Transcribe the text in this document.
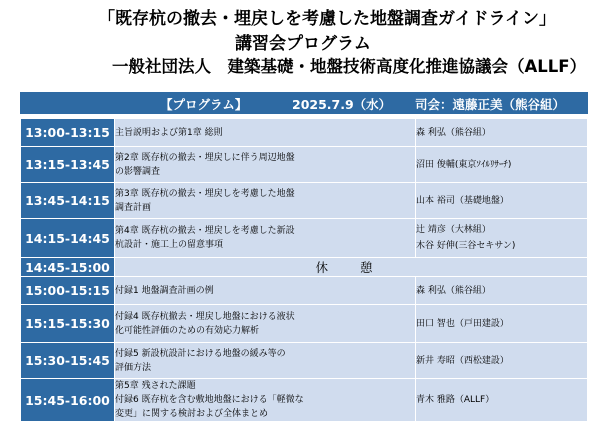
「既存杭の撤去・埋戻しを考慮した地盤調査ガイドライン」
講習会プログラム
一般社団法人　建築基礎・地盤技術高度化推進協議会（ALLF）
【プログラム】	2025.7.9（水） 司会：遠藤正美（熊谷組）
13:00-13:15	主旨説明および第1章 総則	森 利弘（熊谷組）

13:15-13:45	第2章 既存杭の撤去・埋戻しに伴う周辺地盤
の影響調査	沼田 俊輔(東京ｿｲﾙﾘｻｰﾁ)

13:45-14:15	第3章 既存杭の撤去・埋戻しを考慮した地盤
調査計画	山本 裕司（基礎地盤）

14:15-14:45	第4章 既存杭の撤去・埋戻しを考慮した新設
杭設計・施工上の留意事項	辻 靖彦（大林組）
木谷 好伸(三谷セキサン)

14:45-15:00	休 憩	
15:00-15:15	付録1 地盤調査計画の例	森 利弘（熊谷組）

15:15-15:30	付録4 既存杭撤去・埋戻し地盤における液状
化可能性評価のための有効応力解析	田口 智也（戸田建設）

15:30-15:45	付録5 新設杭設計における地盤の緩み等の
評価方法	新井 寿昭（西松建設）

15:45-16:00	第5章 残された課題
付録6 既存杭を含む敷地地盤における「軽微な
変更」に関する検討および全体まとめ	青木 雅路（ALLF）
